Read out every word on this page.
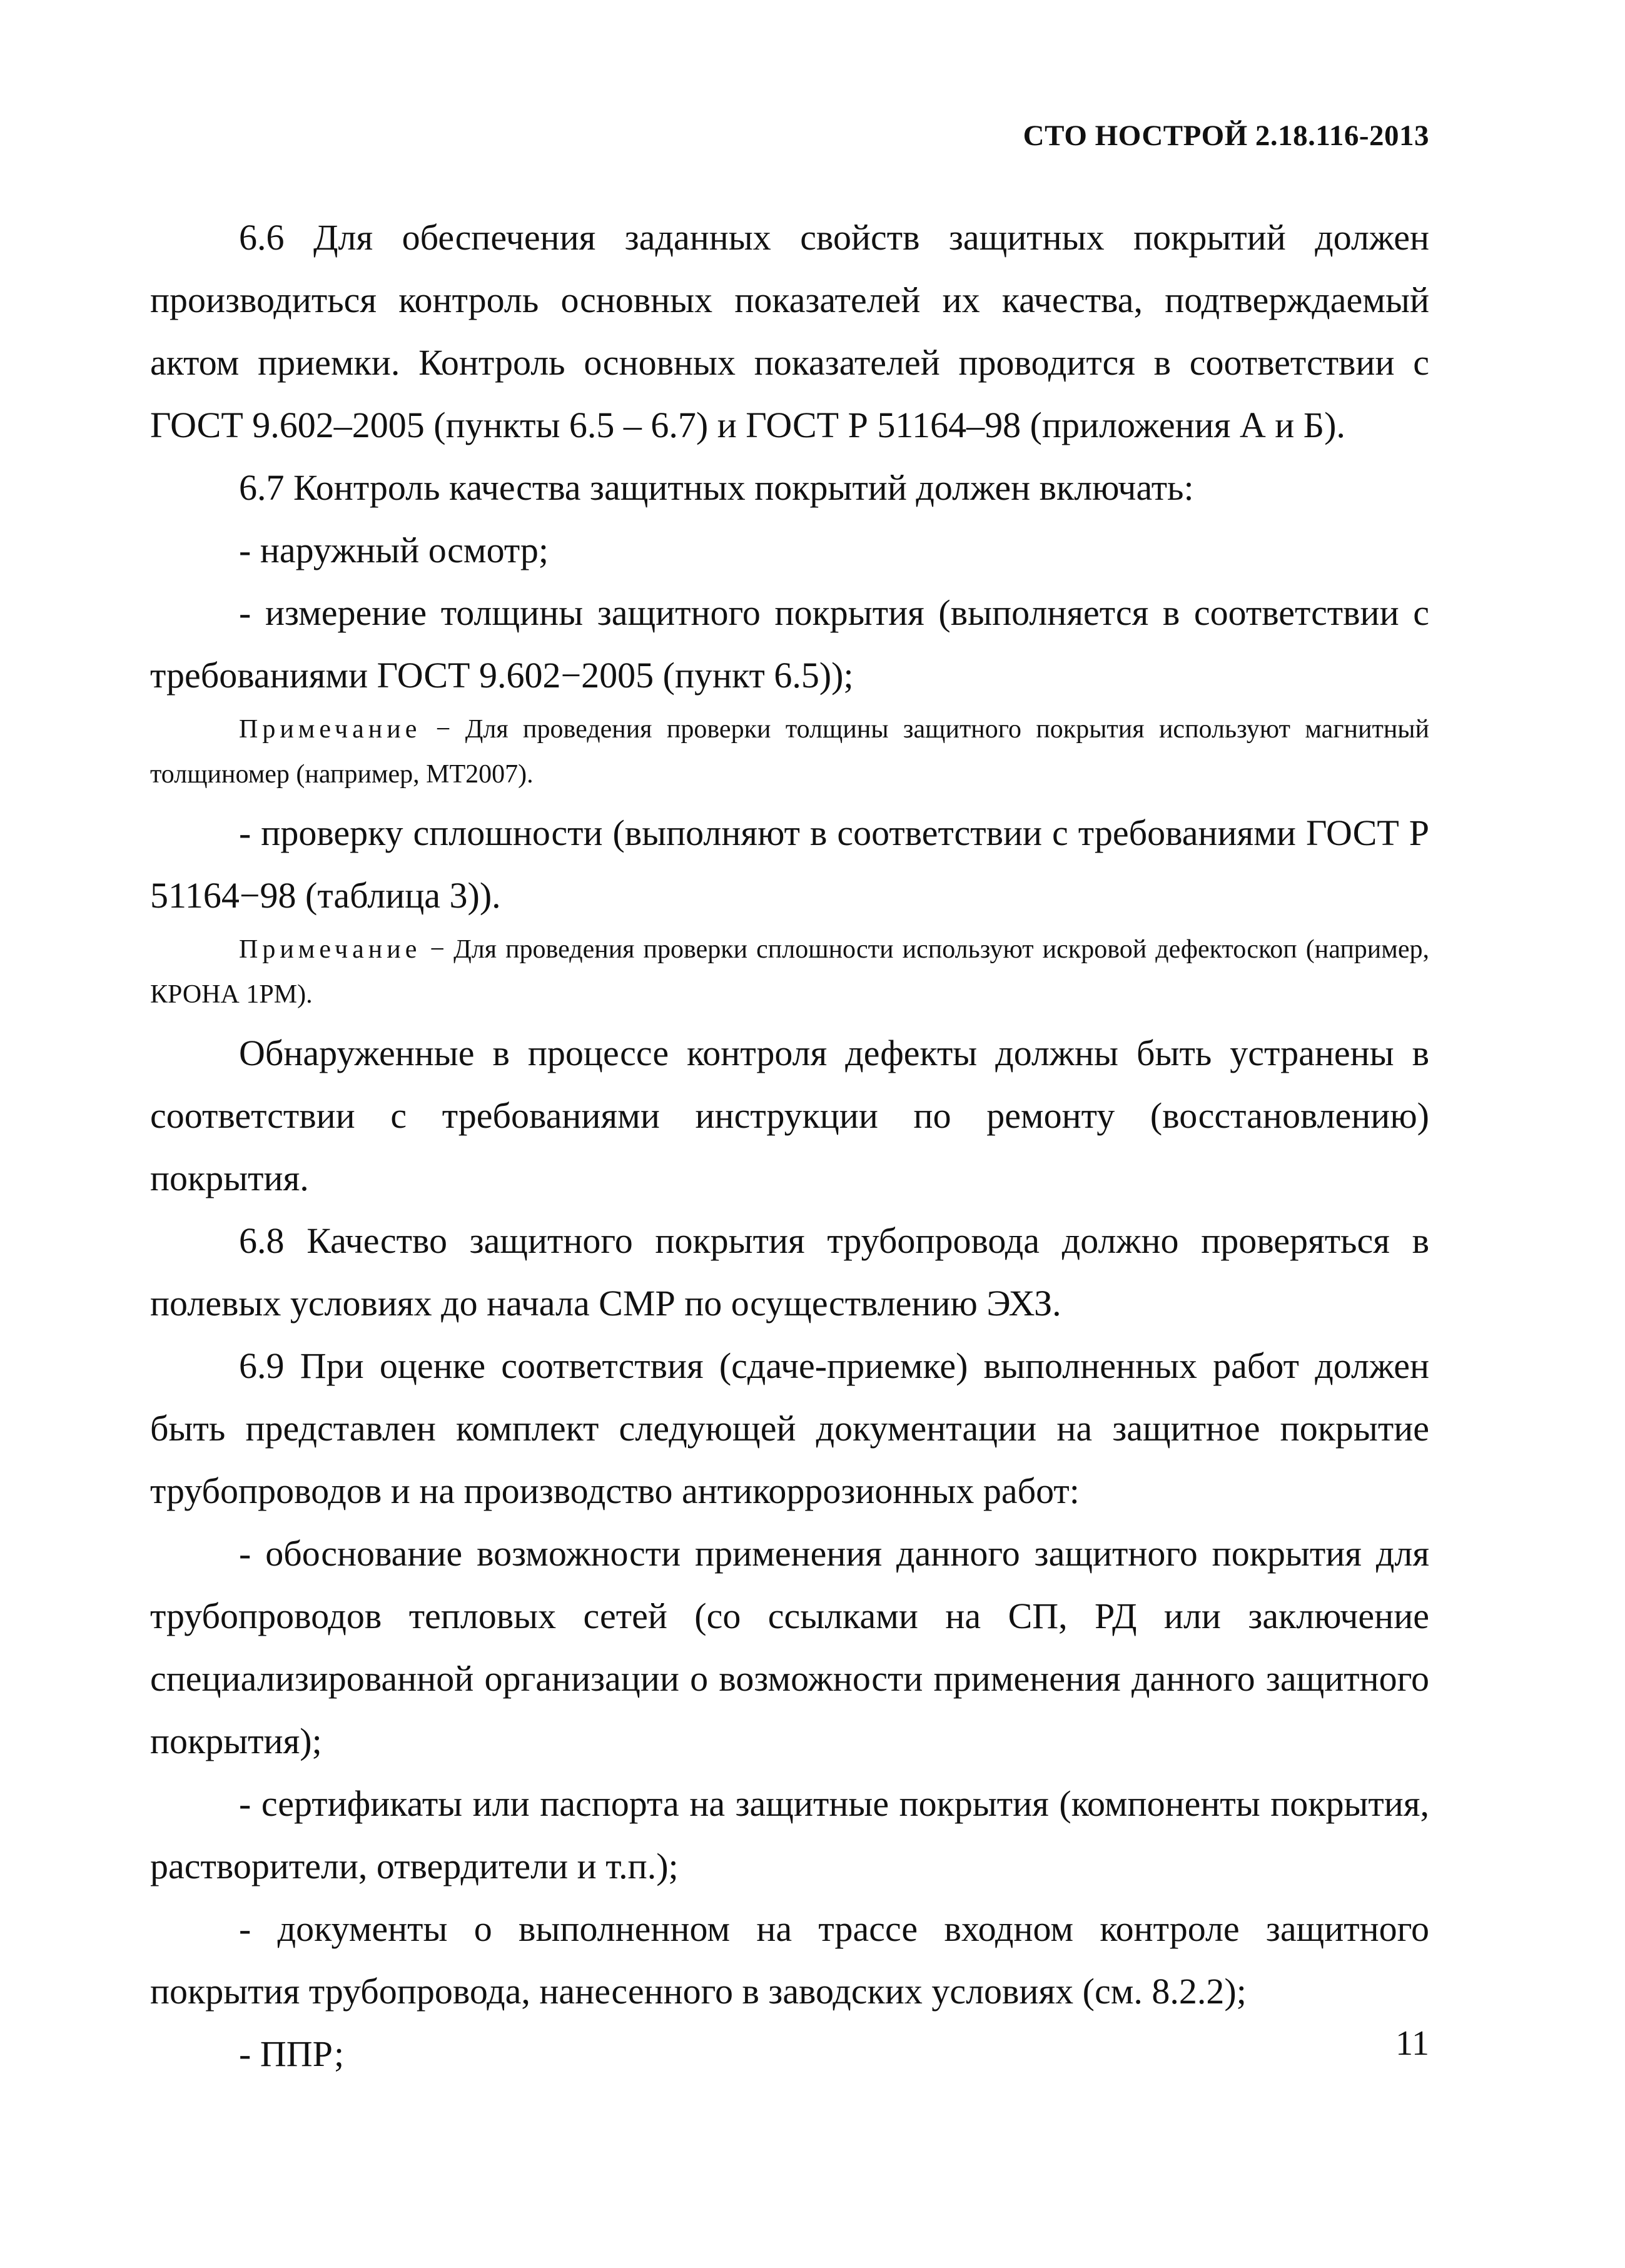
СТО НОСТРОЙ 2.18.116-2013

6.6 Для обеспечения заданных свойств защитных покрытий должен производиться контроль основных показателей их качества, подтверждаемый актом приемки. Контроль основных показателей проводится в соответствии с ГОСТ 9.602–2005 (пункты 6.5 – 6.7) и ГОСТ Р 51164–98 (приложения А и Б).

6.7 Контроль качества защитных покрытий должен включать:

- наружный осмотр;

- измерение толщины защитного покрытия (выполняется в соответствии с требованиями ГОСТ 9.602−2005 (пункт 6.5));

Примечание − Для проведения проверки толщины защитного покрытия используют магнитный толщиномер (например, МТ2007).

- проверку сплошности (выполняют в соответствии с требованиями ГОСТ Р 51164−98 (таблица 3)).

Примечание − Для проведения проверки сплошности используют искровой дефектоскоп (например, КРОНА 1РМ).

Обнаруженные в процессе контроля дефекты должны быть устранены в соответствии с требованиями инструкции по ремонту (восстановлению) покрытия.

6.8 Качество защитного покрытия трубопровода должно проверяться в полевых условиях до начала СМР по осуществлению ЭХЗ.

6.9 При оценке соответствия (сдаче-приемке) выполненных работ должен быть представлен комплект следующей документации на защитное покрытие трубопроводов и на производство антикоррозионных работ:

- обоснование возможности применения данного защитного покрытия для трубопроводов тепловых сетей (со ссылками на СП, РД или заключение специализированной организации о возможности применения данного защитного покрытия);

- сертификаты или паспорта на защитные покрытия (компоненты покрытия, растворители, отвердители и т.п.);

- документы о выполненном на трассе входном контроле защитного покрытия трубопровода, нанесенного в заводских условиях (см. 8.2.2);

- ППР;	11
